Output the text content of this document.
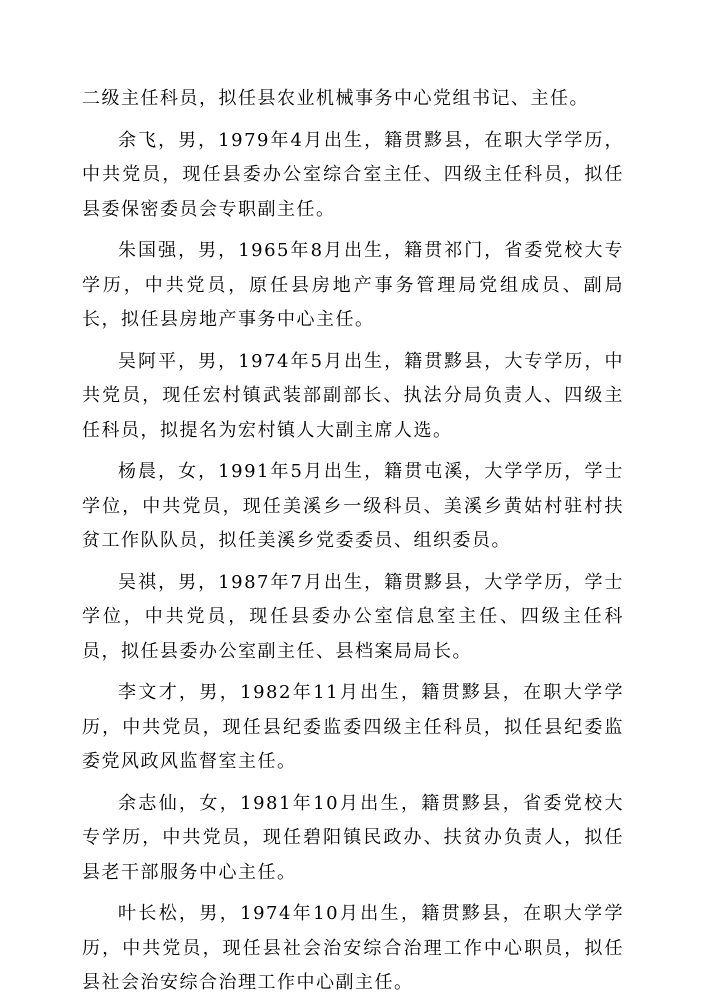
二级主任科员，拟任县农业机械事务中心党组书记、主任。

余飞，男，1979年4月出生，籍贯黟县，在职大学学历，中共党员，现任县委办公室综合室主任、四级主任科员，拟任县委保密委员会专职副主任。

朱国强，男，1965年8月出生，籍贯祁门，省委党校大专学历，中共党员，原任县房地产事务管理局党组成员、副局长，拟任县房地产事务中心主任。

吴阿平，男，1974年5月出生，籍贯黟县，大专学历，中共党员，现任宏村镇武装部副部长、执法分局负责人、四级主任科员，拟提名为宏村镇人大副主席人选。

杨晨，女，1991年5月出生，籍贯屯溪，大学学历，学士学位，中共党员，现任美溪乡一级科员、美溪乡黄姑村驻村扶贫工作队队员，拟任美溪乡党委委员、组织委员。

吴祺，男，1987年7月出生，籍贯黟县，大学学历，学士学位，中共党员，现任县委办公室信息室主任、四级主任科员，拟任县委办公室副主任、县档案局局长。

李文才，男，1982年11月出生，籍贯黟县，在职大学学历，中共党员，现任县纪委监委四级主任科员，拟任县纪委监委党风政风监督室主任。

余志仙，女，1981年10月出生，籍贯黟县，省委党校大专学历，中共党员，现任碧阳镇民政办、扶贫办负责人，拟任县老干部服务中心主任。

叶长松，男，1974年10月出生，籍贯黟县，在职大学学历，中共党员，现任县社会治安综合治理工作中心职员，拟任县社会治安综合治理工作中心副主任。
